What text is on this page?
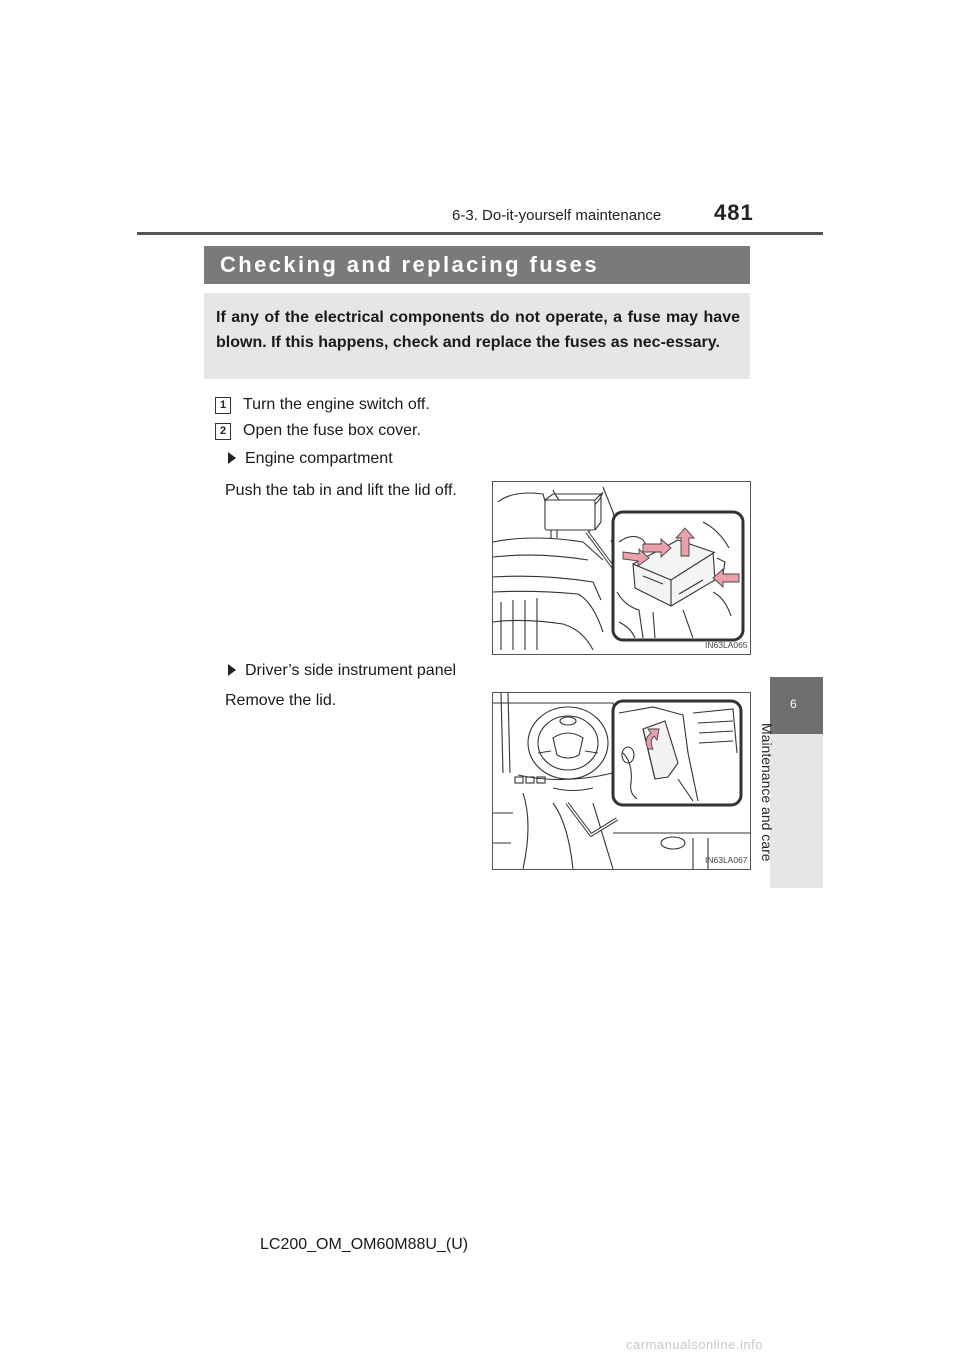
6-3. Do-it-yourself maintenance 481
Checking and replacing fuses
If any of the electrical components do not operate, a fuse may have blown. If this happens, check and replace the fuses as nec-essary.
1	Turn the engine switch off.
2	Open the fuse box cover.
Engine compartment
Push the tab in and lift the lid off.
IN63LA065
Driver’s side instrument panel
Remove the lid.
IN63LA067
6
Maintenance and care
LC200_OM_OM60M88U_(U)
carmanualsonline.info
